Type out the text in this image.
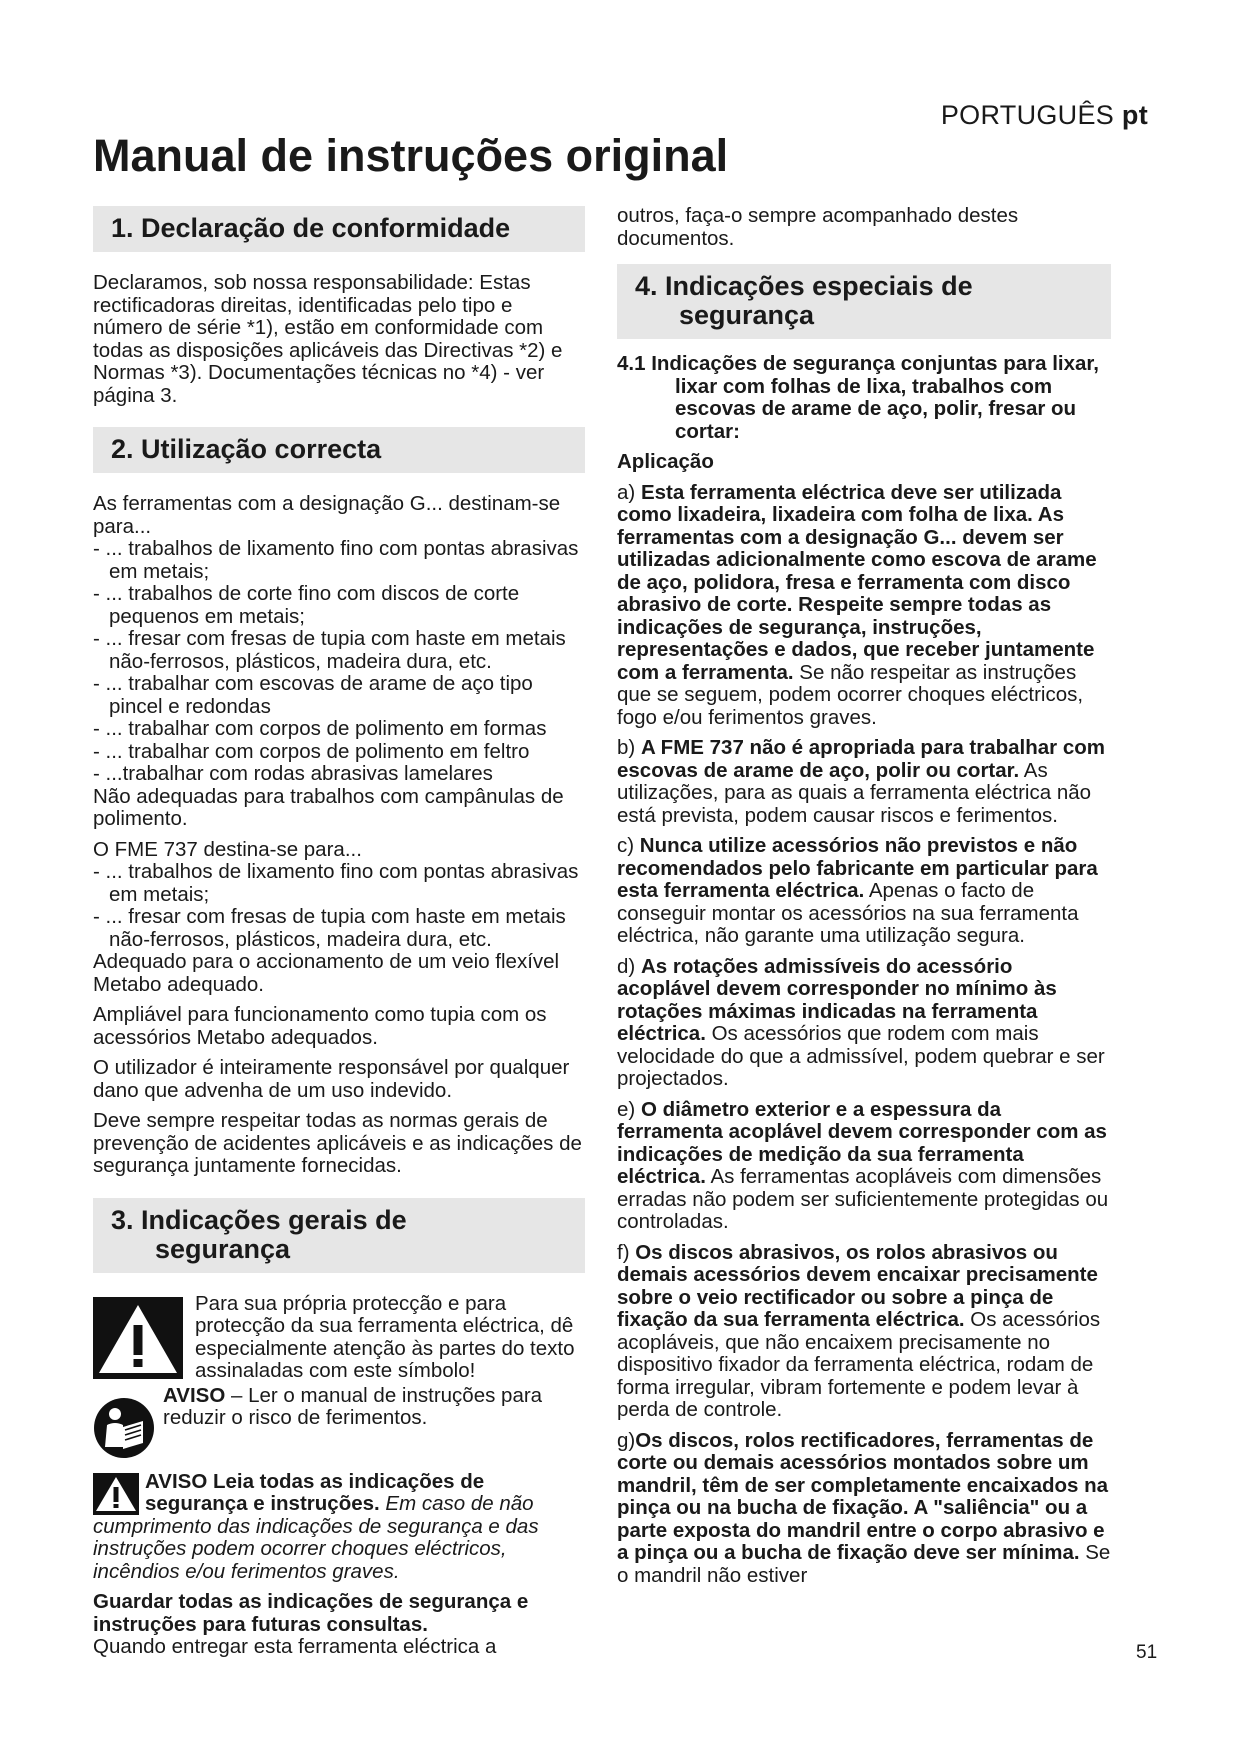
PORTUGUÊS pt
Manual de instruções original
1. Declaração de conformidade

Declaramos, sob nossa responsabilidade: Estas rectificadoras direitas, identificadas pelo tipo e número de série *1), estão em conformidade com todas as disposições aplicáveis das Directivas *2) e Normas *3). Documentações técnicas no *4) - ver página 3.

2. Utilização correcta

As ferramentas com a designação G... destinam-se para...

- ... trabalhos de lixamento fino com pontas abrasivas em metais;
- ... trabalhos de corte fino com discos de corte pequenos em metais;
- ... fresar com fresas de tupia com haste em metais não-ferrosos, plásticos, madeira dura, etc.
- ... trabalhar com escovas de arame de aço tipo pincel e redondas
- ... trabalhar com corpos de polimento em formas
- ... trabalhar com corpos de polimento em feltro
- ...trabalhar com rodas abrasivas lamelares

Não adequadas para trabalhos com campânulas de polimento.

O FME 737 destina-se para...

- ... trabalhos de lixamento fino com pontas abrasivas em metais;
- ... fresar com fresas de tupia com haste em metais não-ferrosos, plásticos, madeira dura, etc.

Adequado para o accionamento de um veio flexível Metabo adequado.

Ampliável para funcionamento como tupia com os acessórios Metabo adequados.

O utilizador é inteiramente responsável por qualquer dano que advenha de um uso indevido.

Deve sempre respeitar todas as normas gerais de prevenção de acidentes aplicáveis e as indicações de segurança juntamente fornecidas.

3. Indicações gerais de
segurança

Para sua própria protecção e para protecção da sua ferramenta eléctrica, dê especialmente atenção às partes do texto assinaladas com este símbolo!

AVISO – Ler o manual de instruções para reduzir o risco de ferimentos.

AVISO Leia todas as indicações de segurança e instruções. Em caso de não cumprimento das indicações de segurança e das instruções podem ocorrer choques eléctricos, incêndios e/ou ferimentos graves.

Guardar todas as indicações de segurança e instruções para futuras consultas.

Quando entregar esta ferramenta eléctrica a

outros, faça-o sempre acompanhado destes documentos.

4. Indicações especiais de
segurança

4.1 Indicações de segurança conjuntas para lixar, lixar com folhas de lixa, trabalhos com escovas de arame de aço, polir, fresar ou cortar:

Aplicação

a) Esta ferramenta eléctrica deve ser utilizada como lixadeira, lixadeira com folha de lixa. As ferramentas com a designação G... devem ser utilizadas adicionalmente como escova de arame de aço, polidora, fresa e ferramenta com disco abrasivo de corte. Respeite sempre todas as indicações de segurança, instruções, representações e dados, que receber juntamente com a ferramenta. Se não respeitar as instruções que se seguem, podem ocorrer choques eléctricos, fogo e/ou ferimentos graves.

b) A FME 737 não é apropriada para trabalhar com escovas de arame de aço, polir ou cortar. As utilizações, para as quais a ferramenta eléctrica não está prevista, podem causar riscos e ferimentos.

c) Nunca utilize acessórios não previstos e não recomendados pelo fabricante em particular para esta ferramenta eléctrica. Apenas o facto de conseguir montar os acessórios na sua ferramenta eléctrica, não garante uma utilização segura.

d) As rotações admissíveis do acessório acoplável devem corresponder no mínimo às rotações máximas indicadas na ferramenta eléctrica. Os acessórios que rodem com mais velocidade do que a admissível, podem quebrar e ser projectados.

e) O diâmetro exterior e a espessura da ferramenta acoplável devem corresponder com as indicações de medição da sua ferramenta eléctrica. As ferramentas acopláveis com dimensões erradas não podem ser suficientemente protegidas ou controladas.

f) Os discos abrasivos, os rolos abrasivos ou demais acessórios devem encaixar precisamente sobre o veio rectificador ou sobre a pinça de fixação da sua ferramenta eléctrica. Os acessórios acopláveis, que não encaixem precisamente no dispositivo fixador da ferramenta eléctrica, rodam de forma irregular, vibram fortemente e podem levar à perda de controle.

g)Os discos, rolos rectificadores, ferramentas de corte ou demais acessórios montados sobre um mandril, têm de ser completamente encaixados na pinça ou na bucha de fixação. A "saliência" ou a parte exposta do mandril entre o corpo abrasivo e a pinça ou a bucha de fixação deve ser mínima. Se o mandril não estiver

51
